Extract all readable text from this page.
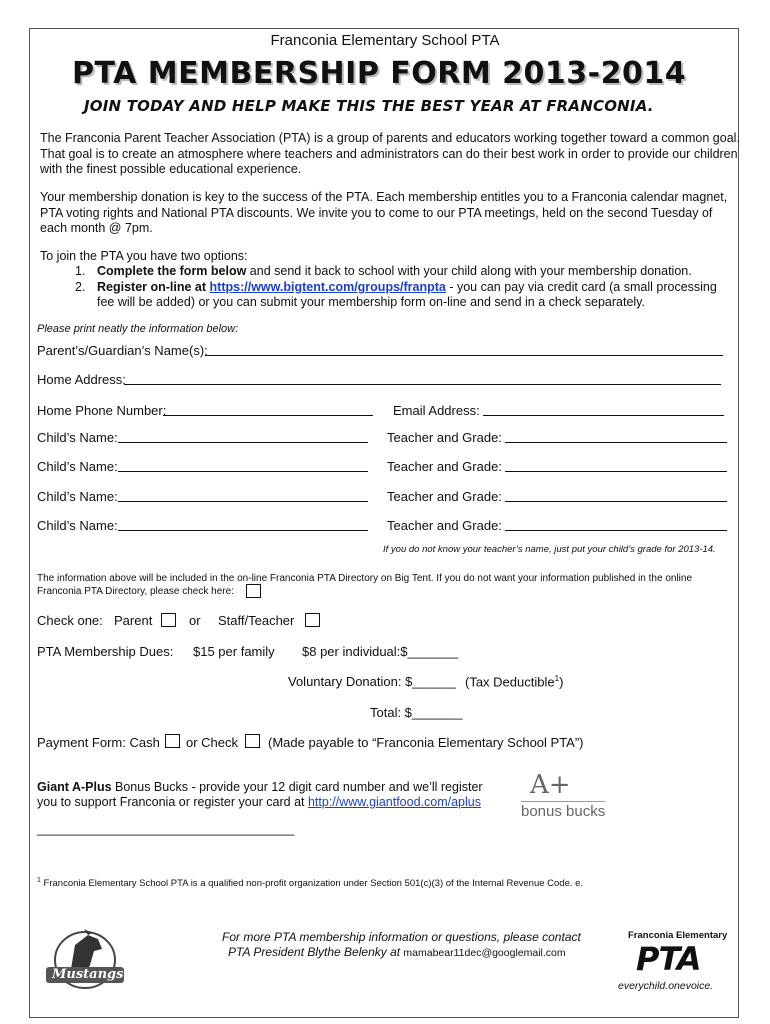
Franconia Elementary School PTA
PTA MEMBERSHIP FORM 2013-2014
JOIN TODAY AND HELP MAKE THIS THE BEST YEAR AT FRANCONIA.
The Franconia Parent Teacher Association (PTA) is a group of parents and educators working together toward a common goal. That goal is to create an atmosphere where teachers and administrators can do their best work in order to provide our children with the finest possible educational experience.
Your membership donation is key to the success of the PTA. Each membership entitles you to a Franconia calendar magnet, PTA voting rights and National PTA discounts. We invite you to come to our PTA meetings, held on the second Tuesday of each month @ 7pm.
To join the PTA you have two options:
1. Complete the form below and send it back to school with your child along with your membership donation.
2. Register on-line at https://www.bigtent.com/groups/franpta - you can pay via credit card (a small processing
fee will be added) or you can submit your membership form on-line and send in a check separately.
Please print neatly the information below:
Parent’s/Guardian’s Name(s):
Home Address:
Home Phone Number:	Email Address:
Child’s Name:	Teacher and Grade:
Child’s Name:	Teacher and Grade:
Child’s Name:	Teacher and Grade:
Child’s Name:	Teacher and Grade:
If you do not know your teacher’s name, just put your child’s grade for 2013-14.
The information above will be included in the on-line Franconia PTA Directory on Big Tent. If you do not want your information published in the online
Franconia PTA Directory, please check here:
Check one: Parent	or Staff/Teacher
PTA Membership Dues: $15 per family $8 per individual:$_______
Voluntary Donation: $______ (Tax Deductible$^1$)
Total: $_______
Payment Form: Cash or Check (Made payable to “Franconia Elementary School PTA”)
Giant A-Plus Bonus Bucks - provide your 12 digit card number and we’ll register
you to support Franconia or register your card at http://www.giantfood.com/aplus
_____________________________________
A+
bonus bucks
$^1$ Franconia Elementary School PTA is a qualified non-profit organization under Section 501(c)(3) of the Internal Revenue Code. e.
For more PTA membership information or questions, please contact
PTA President Blythe Belenky at mamabear11dec@googlemail.com
Mustangs
Franconia Elementary
PTA
everychild.onevoice.
